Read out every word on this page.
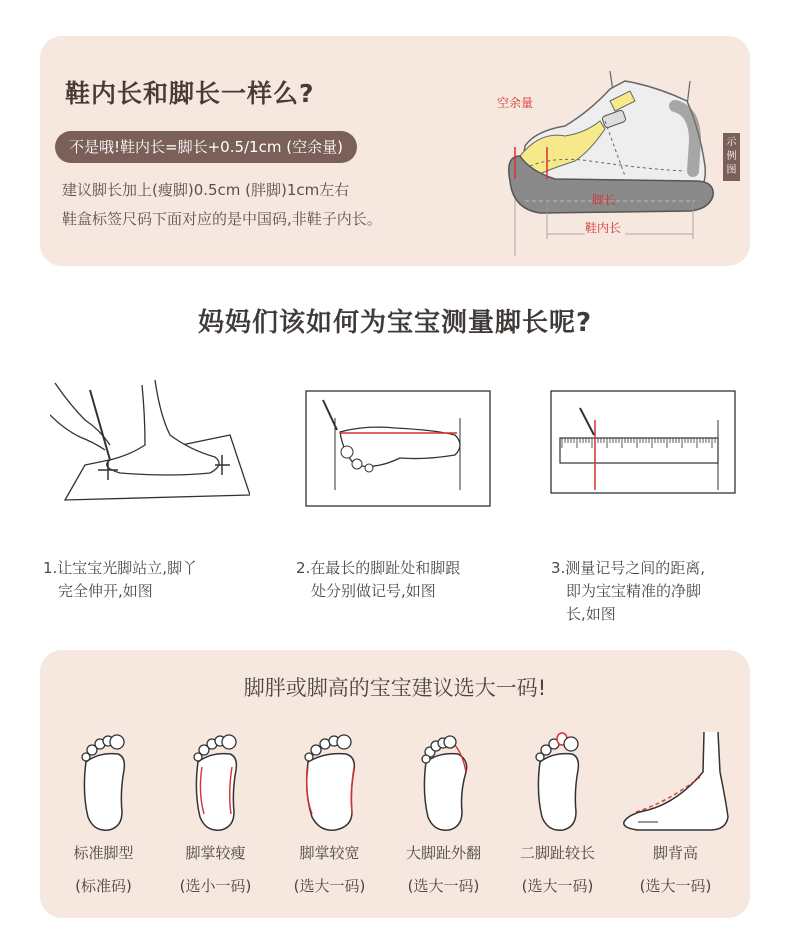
鞋内长和脚长一样么?
不是哦!鞋内长=脚长+0.5/1cm (空余量)
建议脚长加上(瘦脚)0.5cm (胖脚)1cm左右
鞋盒标签尺码下面对应的是中国码,非鞋子内长。
空余量
脚长
鞋内长
示例图
妈妈们该如何为宝宝测量脚长呢?
1.让宝宝光脚站立,脚丫
完全伸开,如图
2.在最长的脚趾处和脚跟
处分别做记号,如图
3.测量记号之间的距离,
即为宝宝精准的净脚
长,如图
脚胖或脚高的宝宝建议选大一码!
标准脚型
(标准码)
脚掌较瘦
(选小一码)
脚掌较宽
(选大一码)
大脚趾外翻
(选大一码)
二脚趾较长
(选大一码)
脚背高
(选大一码)
